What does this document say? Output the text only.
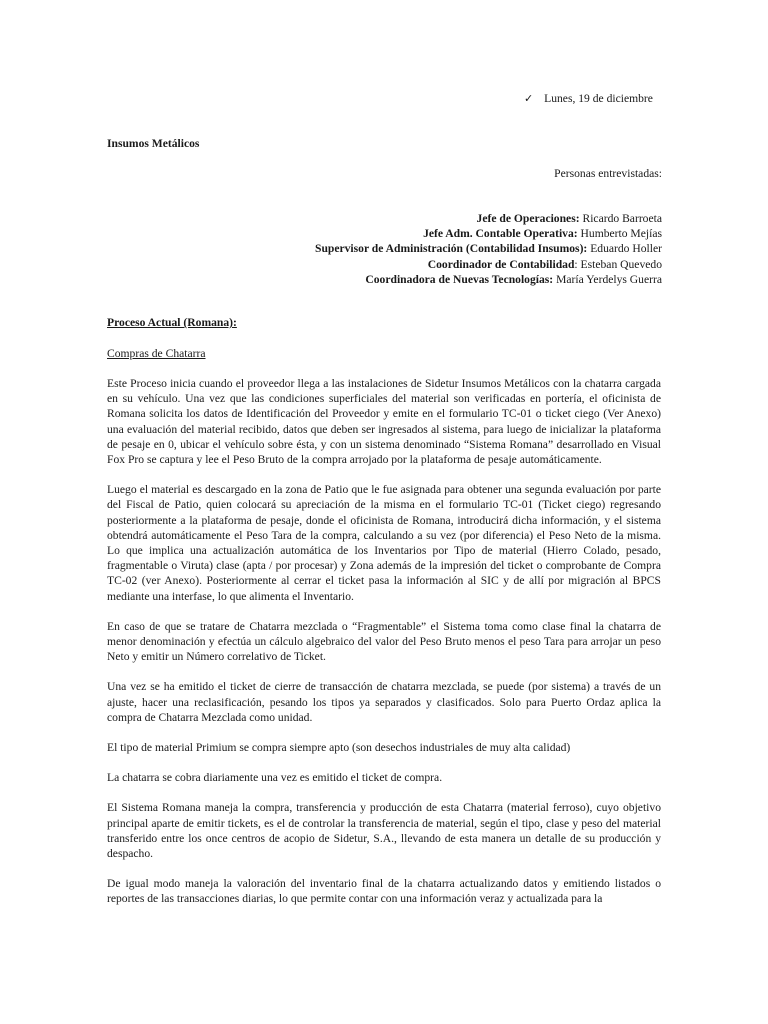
✓ Lunes, 19 de diciembre
Insumos Metálicos
Personas entrevistadas:
Jefe de Operaciones: Ricardo Barroeta
Jefe Adm. Contable Operativa: Humberto Mejías
Supervisor de Administración (Contabilidad Insumos): Eduardo Holler
Coordinador de Contabilidad: Esteban Quevedo
Coordinadora de Nuevas Tecnologías: María Yerdelys Guerra
Proceso Actual (Romana):
Compras de Chatarra

Este Proceso inicia cuando el proveedor llega a las instalaciones de Sidetur Insumos Metálicos con la chatarra cargada en su vehículo. Una vez que las condiciones superficiales del material son verificadas en portería, el oficinista de Romana solicita los datos de Identificación del Proveedor y emite en el formulario TC-01 o ticket ciego (Ver Anexo) una evaluación del material recibido, datos que deben ser ingresados al sistema, para luego de inicializar la plataforma de pesaje en 0, ubicar el vehículo sobre ésta, y con un sistema denominado “Sistema Romana” desarrollado en Visual Fox Pro se captura y lee el Peso Bruto de la compra arrojado por la plataforma de pesaje automáticamente.

Luego el material es descargado en la zona de Patio que le fue asignada para obtener una segunda evaluación por parte del Fiscal de Patio, quien colocará su apreciación de la misma en el formulario TC-01 (Ticket ciego) regresando posteriormente a la plataforma de pesaje, donde el oficinista de Romana, introducirá dicha información, y el sistema obtendrá automáticamente el Peso Tara de la compra, calculando a su vez (por diferencia) el Peso Neto de la misma. Lo que implica una actualización automática de los Inventarios por Tipo de material (Hierro Colado, pesado, fragmentable o Viruta) clase (apta / por procesar) y Zona además de la impresión del ticket o comprobante de Compra TC-02 (ver Anexo). Posteriormente al cerrar el ticket pasa la información al SIC y de allí por migración al BPCS mediante una interfase, lo que alimenta el Inventario.

En caso de que se tratare de Chatarra mezclada o “Fragmentable” el Sistema toma como clase final la chatarra de menor denominación y efectúa un cálculo algebraico del valor del Peso Bruto menos el peso Tara para arrojar un peso Neto y emitir un Número correlativo de Ticket.

Una vez se ha emitido el ticket de cierre de transacción de chatarra mezclada, se puede (por sistema) a través de un ajuste, hacer una reclasificación, pesando los tipos ya separados y clasificados. Solo para Puerto Ordaz aplica la compra de Chatarra Mezclada como unidad.

El tipo de material Primium se compra siempre apto (son desechos industriales de muy alta calidad)

La chatarra se cobra diariamente una vez es emitido el ticket de compra.

El Sistema Romana maneja la compra, transferencia y producción de esta Chatarra (material ferroso), cuyo objetivo principal aparte de emitir tickets, es el de controlar la transferencia de material, según el tipo, clase y peso del material transferido entre los once centros de acopio de Sidetur, S.A., llevando de esta manera un detalle de su producción y despacho.

De igual modo maneja la valoración del inventario final de la chatarra actualizando datos y emitiendo listados o reportes de las transacciones diarias, lo que permite contar con una información veraz y actualizada para la
